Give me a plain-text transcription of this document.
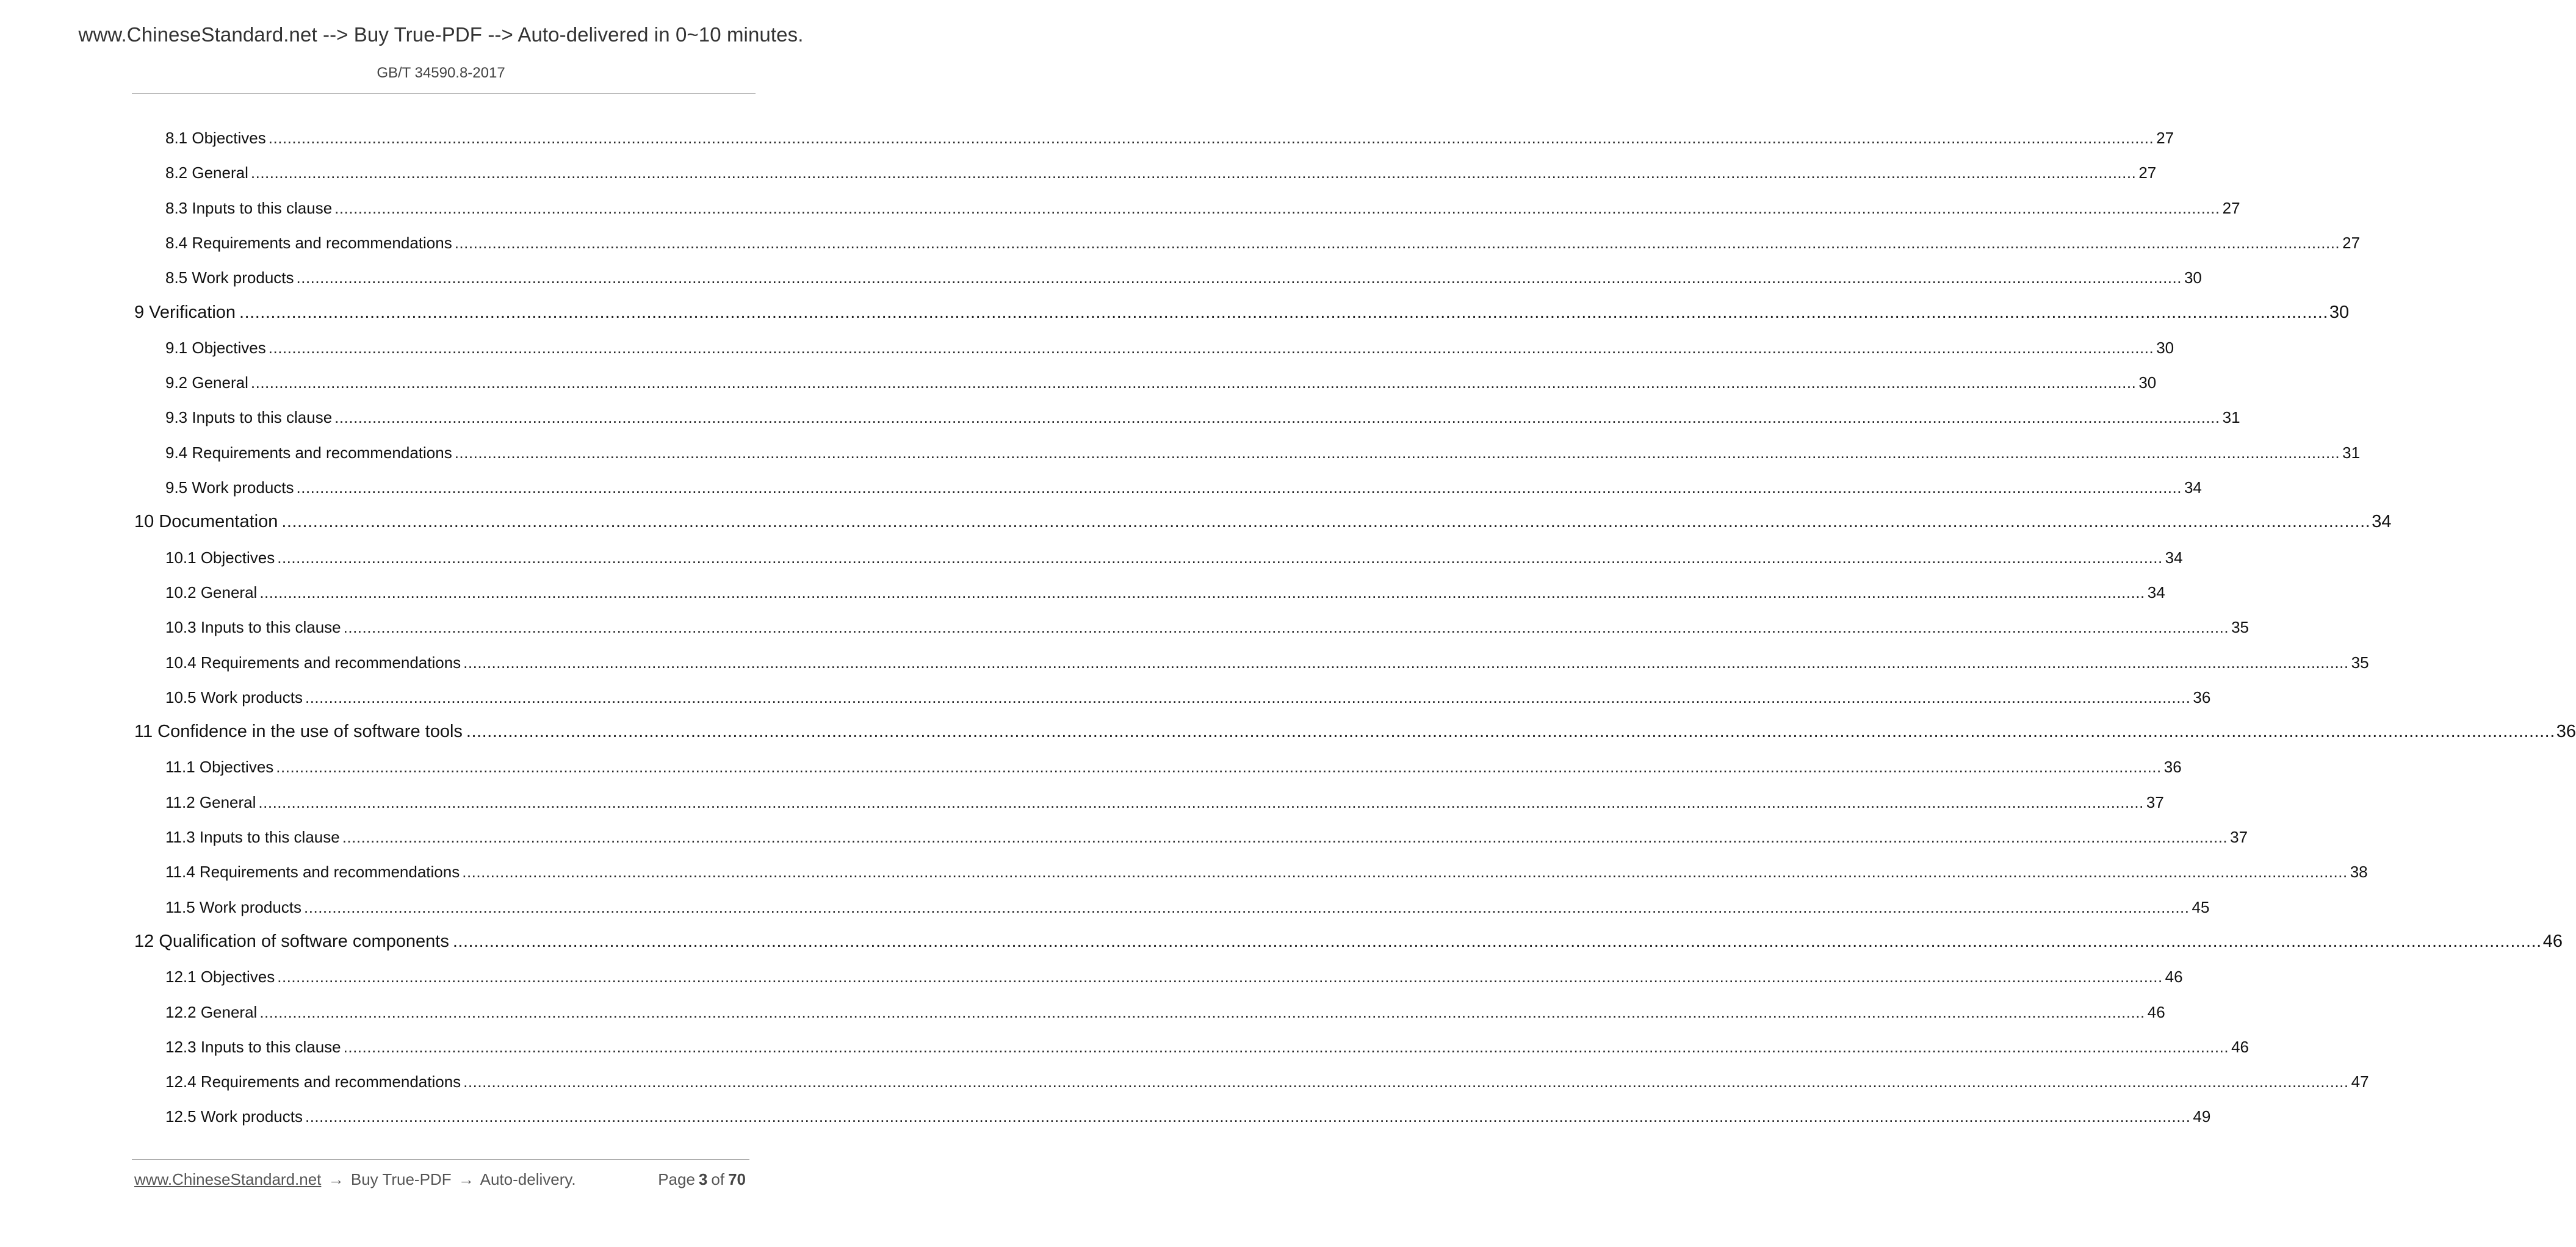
www.ChineseStandard.net --> Buy True-PDF --> Auto-delivered in 0~10 minutes.
GB/T 34590.8-2017
8.1 Objectives ................................................................................................................................................................................................................................................................................................................................................................................................................ 27
8.2 General ................................................................................................................................................................................................................................................................................................................................................................................................................ 27
8.3 Inputs to this clause ................................................................................................................................................................................................................................................................................................................................................................................................................ 27
8.4 Requirements and recommendations ................................................................................................................................................................................................................................................................................................................................................................................................................ 27
8.5 Work products ................................................................................................................................................................................................................................................................................................................................................................................................................ 30
9 Verification ................................................................................................................................................................................................................................................................................................................................................................................................................ 30
9.1 Objectives ................................................................................................................................................................................................................................................................................................................................................................................................................ 30
9.2 General ................................................................................................................................................................................................................................................................................................................................................................................................................ 30
9.3 Inputs to this clause ................................................................................................................................................................................................................................................................................................................................................................................................................ 31
9.4 Requirements and recommendations ................................................................................................................................................................................................................................................................................................................................................................................................................ 31
9.5 Work products ................................................................................................................................................................................................................................................................................................................................................................................................................ 34
10 Documentation ................................................................................................................................................................................................................................................................................................................................................................................................................ 34
10.1 Objectives ................................................................................................................................................................................................................................................................................................................................................................................................................ 34
10.2 General ................................................................................................................................................................................................................................................................................................................................................................................................................ 34
10.3 Inputs to this clause ................................................................................................................................................................................................................................................................................................................................................................................................................ 35
10.4 Requirements and recommendations ................................................................................................................................................................................................................................................................................................................................................................................................................ 35
10.5 Work products ................................................................................................................................................................................................................................................................................................................................................................................................................ 36
11 Confidence in the use of software tools ................................................................................................................................................................................................................................................................................................................................................................................................................ 36
11.1 Objectives ................................................................................................................................................................................................................................................................................................................................................................................................................ 36
11.2 General ................................................................................................................................................................................................................................................................................................................................................................................................................ 37
11.3 Inputs to this clause ................................................................................................................................................................................................................................................................................................................................................................................................................ 37
11.4 Requirements and recommendations ................................................................................................................................................................................................................................................................................................................................................................................................................ 38
11.5 Work products ................................................................................................................................................................................................................................................................................................................................................................................................................ 45
12 Qualification of software components ................................................................................................................................................................................................................................................................................................................................................................................................................ 46
12.1 Objectives ................................................................................................................................................................................................................................................................................................................................................................................................................ 46
12.2 General ................................................................................................................................................................................................................................................................................................................................................................................................................ 46
12.3 Inputs to this clause ................................................................................................................................................................................................................................................................................................................................................................................................................ 46
12.4 Requirements and recommendations ................................................................................................................................................................................................................................................................................................................................................................................................................ 47
12.5 Work products ................................................................................................................................................................................................................................................................................................................................................................................................................ 49
www.ChineseStandard.net → Buy True-PDF → Auto-delivery.	Page 3 of 70
